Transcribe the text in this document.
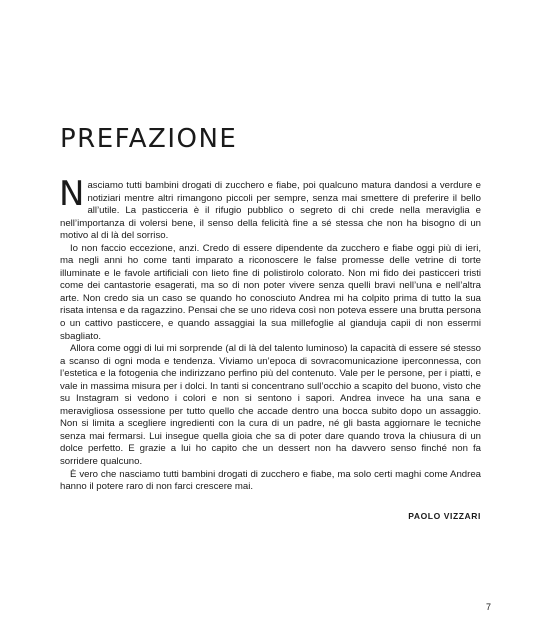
PREFAZIONE

Nasciamo tutti bambini drogati di zucchero e fiabe, poi qualcuno matura dandosi a verdure e notiziari mentre altri rimangono piccoli per sempre, senza mai smettere di preferire il bello all’utile. La pasticceria è il rifugio pubblico o segreto di chi crede nella meraviglia e nell’importanza di volersi bene, il senso della felicità fine a sé stessa che non ha bisogno di un motivo al di là del sorriso.

Io non faccio eccezione, anzi. Credo di essere dipendente da zucchero e fiabe oggi più di ieri, ma negli anni ho come tanti imparato a riconoscere le false promesse delle vetrine di torte illuminate e le favole artificiali con lieto fine di polistirolo colorato. Non mi fido dei pasticceri tristi come dei cantastorie esagerati, ma so di non poter vivere senza quelli bravi nell’una e nell’altra arte. Non credo sia un caso se quando ho conosciuto Andrea mi ha colpito prima di tutto la sua risata intensa e da ragazzino. Pensai che se uno rideva così non poteva essere una brutta persona o un cattivo pasticcere, e quando assaggiai la sua millefoglie al gianduja capii di non essermi sbagliato.

Allora come oggi di lui mi sorprende (al di là del talento luminoso) la capacità di essere sé stesso a scanso di ogni moda e tendenza. Viviamo un’epoca di sovracomunicazione iperconnessa, con l’estetica e la fotogenia che indirizzano perfino più del contenuto. Vale per le persone, per i piatti, e vale in massima misura per i dolci. In tanti si concentrano sull’occhio a scapito del buono, visto che su Instagram si vedono i colori e non si sentono i sapori. Andrea invece ha una sana e meravigliosa ossessione per tutto quello che accade dentro una bocca subito dopo un assaggio. Non si limita a scegliere ingredienti con la cura di un padre, né gli basta aggiornare le tecniche senza mai fermarsi. Lui insegue quella gioia che sa di poter dare quando trova la chiusura di un dolce perfetto. E grazie a lui ho capito che un dessert non ha davvero senso finché non fa sorridere qualcuno.

È vero che nasciamo tutti bambini drogati di zucchero e fiabe, ma solo certi maghi come Andrea hanno il potere raro di non farci crescere mai.

PAOLO VIZZARI
7
